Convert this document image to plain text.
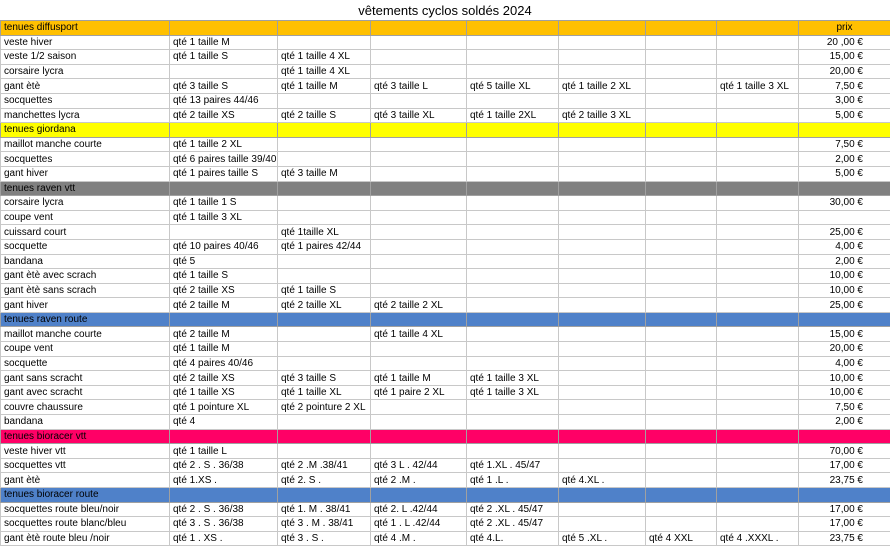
vêtements cyclos soldés 2024
tenues diffusport								prix
veste hiver	qté 1 taille M							20 ,00 €
veste 1/2 saison	qté 1 taille S	qté 1 taille 4 XL						15,00 €
corsaire lycra		qté 1 taille 4 XL						20,00 €
gant ètè	qté 3 taille S	qté 1 taille M	qté 3 taille L	qté 5 taille XL	qté 1 taille 2 XL		qté 1 taille 3 XL	7,50 €
socquettes	qté 13 paires 44/46							3,00 €
manchettes lycra	qté 2 taille XS	qté 2 taille S	qté 3 taille XL	qté 1 taille 2XL	qté 2 taille 3 XL			5,00 €
tenues giordana								
maillot manche courte	qté 1 taille 2 XL							7,50 €
socquettes	qté 6 paires taille 39/40							2,00 €
gant hiver	qté 1 paires taille S	qté 3 taille M						5,00 €
tenues raven vtt								
corsaire lycra	qté 1 taille 1 S							30,00 €
coupe vent	qté 1 taille 3 XL							
cuissard court		qté 1taille XL						25,00 €
socquette	qté 10 paires 40/46	qté 1 paires 42/44						4,00 €
bandana	qté 5							2,00 €
gant ètè avec scrach	qté 1 taille S							10,00 €
gant ètè sans scrach	qté 2 taille XS	qté 1 taille S						10,00 €
gant hiver	qté 2 taille M	qté 2 taille XL	qté 2 taille 2 XL					25,00 €
tenues raven route								
maillot manche courte	qté 2 taille M		qté 1 taille 4 XL					15,00 €
coupe vent	qté 1 taille M							20,00 €
socquette	qté 4 paires 40/46							4,00 €
gant sans scracht	qté 2 taille XS	qté 3 taille S	qté 1 taille M	qté 1 taille 3 XL				10,00 €
gant avec scracht	qté 1 taille XS	qté 1 taille XL	qté 1 paire 2 XL	qté 1 taille 3 XL				10,00 €
couvre chaussure	qté 1 pointure XL	qté 2 pointure 2 XL						7,50 €
bandana	qté 4							2,00 €
tenues bioracer vtt								
veste hiver vtt	qté 1 taille L							70,00 €
socquettes vtt	qté 2 . S . 36/38	qté 2 .M .38/41	qté 3 L . 42/44	qté 1.XL . 45/47				17,00 €
gant ètè	qté 1.XS .	qté 2. S .	qté 2 .M .	qté 1 .L .	qté 4.XL .			23,75 €
tenues bioracer route								
socquettes route bleu/noir	qté 2 . S . 36/38	qté 1. M . 38/41	qté 2. L .42/44	qté 2 .XL . 45/47				17,00 €
socquettes route blanc/bleu	qté 3 . S . 36/38	qté 3 . M . 38/41	qté 1 . L .42/44	qté 2 .XL . 45/47				17,00 €
gant ètè route bleu /noir	qté 1 . XS .	qté 3 . S .	qté 4 .M .	qté 4.L.	qté 5 .XL .	qté 4 XXL	qté 4 .XXXL .	23,75 €
